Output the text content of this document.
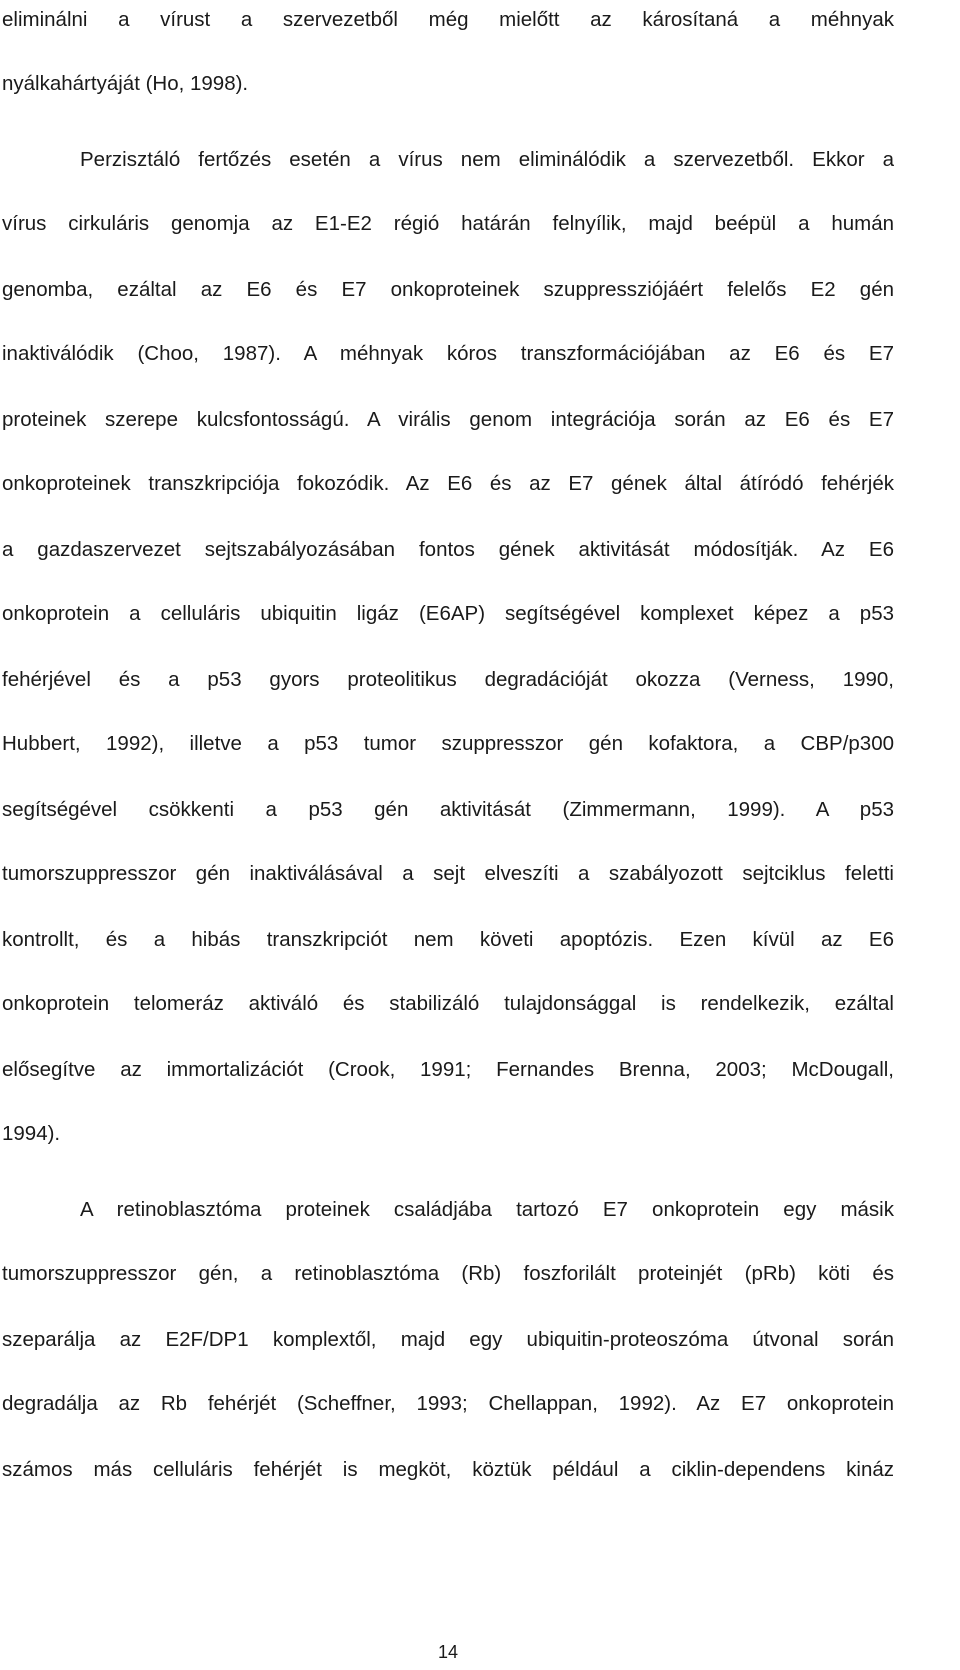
eliminálni a vírust a szervezetből még mielőtt az károsítaná a méhnyak
nyálkahártyáját (Ho, 1998).
Perzisztáló fertőzés esetén a vírus nem eliminálódik a szervezetből. Ekkor a
vírus cirkuláris genomja az E1-E2 régió határán felnyílik, majd beépül a humán
genomba, ezáltal az E6 és E7 onkoproteinek szuppressziójáért felelős E2 gén
inaktiválódik (Choo, 1987). A méhnyak kóros transzformációjában az E6 és E7
proteinek szerepe kulcsfontosságú. A virális genom integrációja során az E6 és E7
onkoproteinek transzkripciója fokozódik. Az E6 és az E7 gének által átíródó fehérjék
a gazdaszervezet sejtszabályozásában fontos gének aktivitását módosítják. Az E6
onkoprotein a celluláris ubiquitin ligáz (E6AP) segítségével komplexet képez a p53
fehérjével és a p53 gyors proteolitikus degradációját okozza (Verness, 1990,
Hubbert, 1992), illetve a p53 tumor szuppresszor gén kofaktora, a CBP/p300
segítségével csökkenti a p53 gén aktivitását (Zimmermann, 1999). A p53
tumorszuppresszor gén inaktiválásával a sejt elveszíti a szabályozott sejtciklus feletti
kontrollt, és a hibás transzkripciót nem követi apoptózis. Ezen kívül az E6
onkoprotein telomeráz aktiváló és stabilizáló tulajdonsággal is rendelkezik, ezáltal
elősegítve az immortalizációt (Crook, 1991; Fernandes Brenna, 2003; McDougall,
1994).
A retinoblasztóma proteinek családjába tartozó E7 onkoprotein egy másik
tumorszuppresszor gén, a retinoblasztóma (Rb) foszforilált proteinjét (pRb) köti és
szeparálja az E2F/DP1 komplextől, majd egy ubiquitin-proteoszóma útvonal során
degradálja az Rb fehérjét (Scheffner, 1993; Chellappan, 1992). Az E7 onkoprotein
számos más celluláris fehérjét is megköt, köztük például a ciklin-dependens kináz
14
